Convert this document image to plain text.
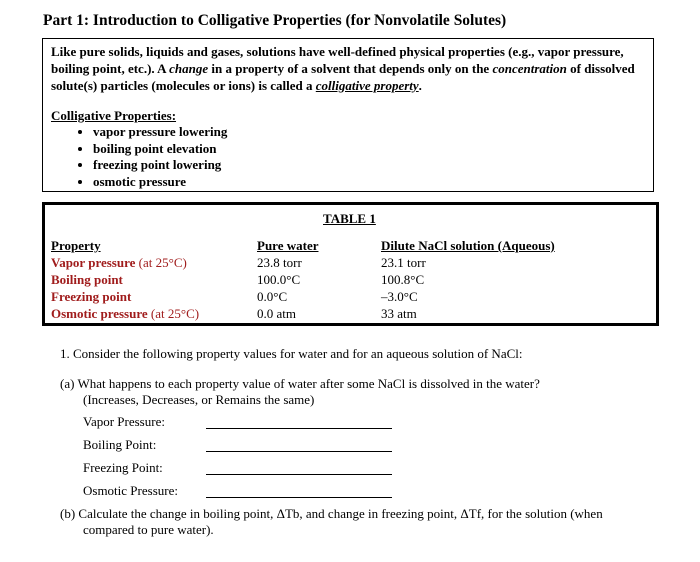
Part 1: Introduction to Colligative Properties (for Nonvolatile Solutes)

Like pure solids, liquids and gases, solutions have well-defined physical properties (e.g., vapor pressure, boiling point, etc.). A change in a property of a solvent that depends only on the concentration of dissolved solute(s) particles (molecules or ions) is called a colligative property.

Colligative Properties:
• vapor pressure lowering
• boiling point elevation
• freezing point lowering
• osmotic pressure
TABLE 1
Property
Vapor pressure (at 25°C)
Boiling point
Freezing point
Osmotic pressure (at 25°C)
Pure water
23.8 torr
100.0°C
0.0°C
0.0 atm
Dilute NaCl solution (Aqueous)
23.1 torr
100.8°C
–3.0°C
33 atm
1. Consider the following property values for water and for an aqueous solution of NaCl:
(a) What happens to each property value of water after some NaCl is dissolved in the water?
(Increases, Decreases, or Remains the same)
Vapor Pressure:
Boiling Point:
Freezing Point:
Osmotic Pressure:
(b) Calculate the change in boiling point, ΔTb, and change in freezing point, ΔTf, for the solution (when
compared to pure water).
